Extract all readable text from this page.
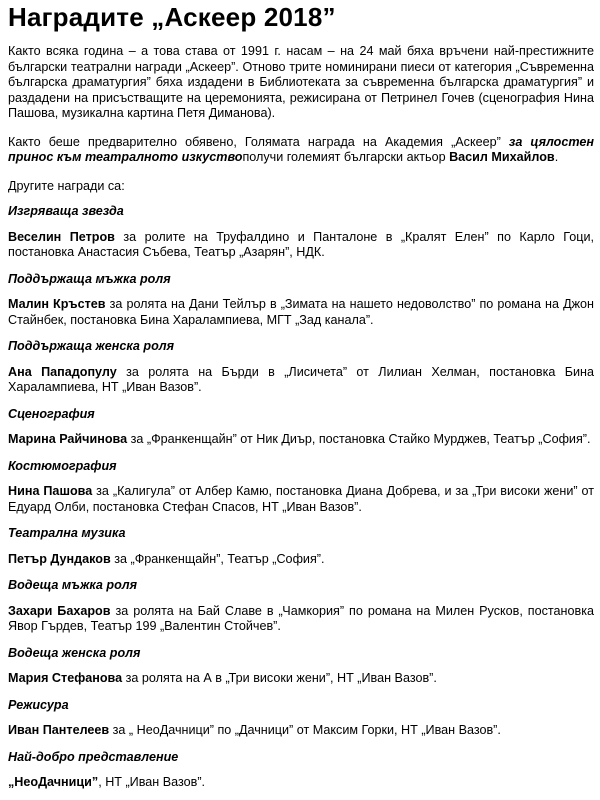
Наградите „Аскеер 2018”

Както всяка година – а това става от 1991 г. насам – на 24 май бяха връчени най-престижните български театрални награди „Аскеер”. Отново трите номинирани пиеси от категория „Съвременна българска драматургия” бяха издадени в Библиотеката за съвременна българска драматургия” и раздадени на присъстващите на церемонията, режисирана от Петринел Гочев (сценография Нина Пашова, музикална картина Петя Диманова).

Както беше предварително обявено, Голямата награда на Академия „Аскеер” за цялостен принос към театралното изкуствополучи големият български актьор Васил Михайлов.

Другите награди са:

Изгряваща звезда

Веселин Петров за ролите на Труфалдино и Панталоне в „Кралят Елен” по Карло Гоци, постановка Анастасия Събева, Театър „Азарян”, НДК.

Поддържаща мъжка роля

Малин Кръстев за ролята на Дани Тейлър в „Зимата на нашето недоволство” по романа на Джон Стайнбек, постановка Бина Харалампиева, МГТ „Зад канала”.

Поддържаща женска роля

Ана Пападопулу за ролята на Бърди в „Лисичета” от Лилиан Хелман, постановка Бина Харалампиева, НТ „Иван Вазов”.

Сценография

Марина Райчинова за „Франкенщайн” от Ник Диър, постановка Стайко Мурджев, Театър „София”.

Костюмография

Нина Пашова за „Калигула” от Албер Камю, постановка Диана Добрева, и за „Три високи жени” от Едуард Олби, постановка Стефан Спасов, НТ „Иван Вазов”.

Театрална музика

Петър Дундаков за „Франкенщайн”, Театър „София”.

Водеща мъжка роля

Захари Бахаров за ролята на Бай Славе в „Чамкория” по романа на Милен Русков, постановка Явор Гърдев, Театър 199 „Валентин Стойчев”.

Водеща женска роля

Мария Стефанова за ролята на А в „Три високи жени”, НТ „Иван Вазов”.

Режисура

Иван Пантелеев за „ НеоДачници” по „Дачници” от Максим Горки, НТ „Иван Вазов”.

Най-добро представление

„НеоДачници”, НТ „Иван Вазов”.
